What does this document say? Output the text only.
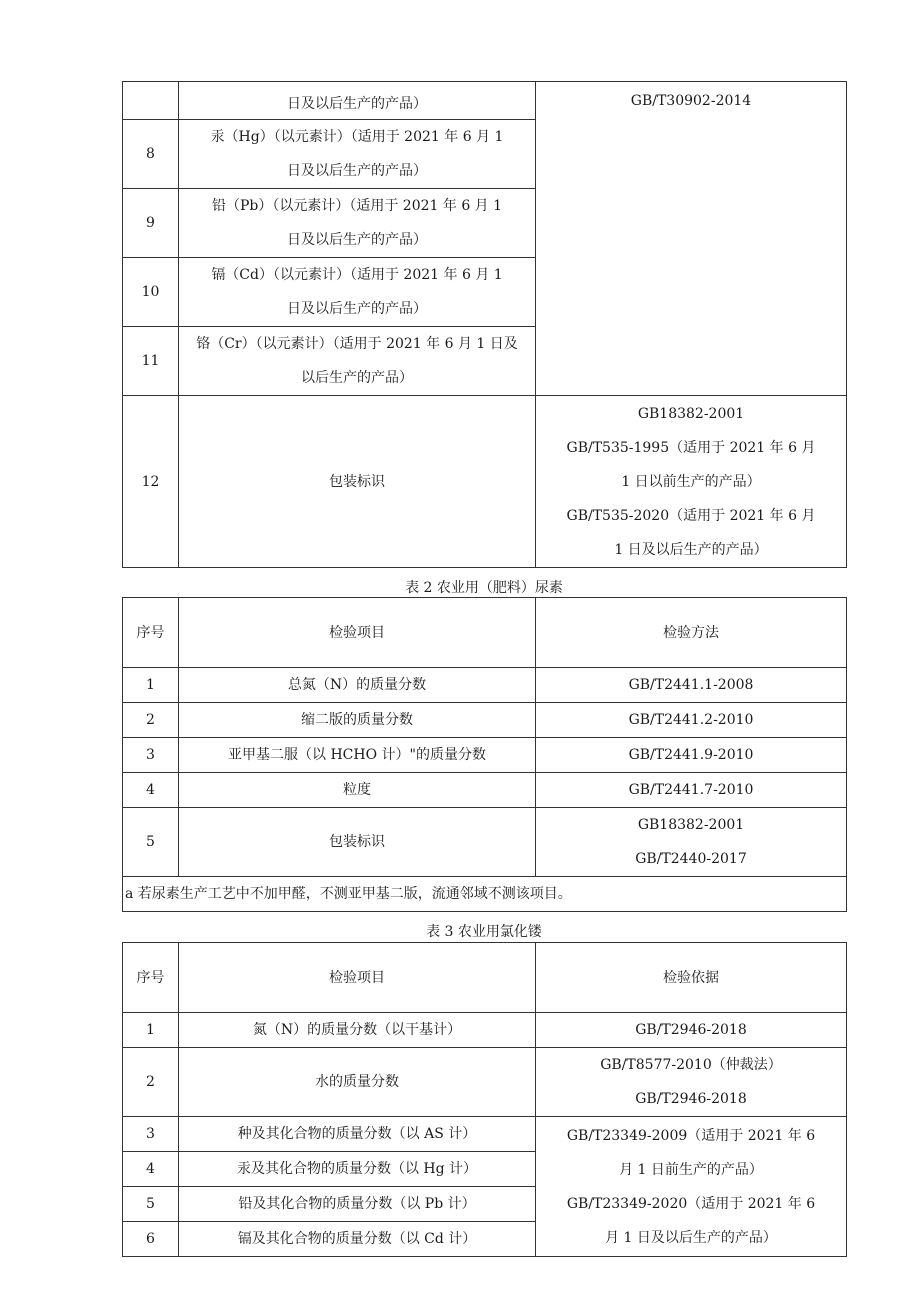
	日及以后生产的产品）	GB/T30902-2014
8	汞（Hg）（以元素计）（适用于 2021 年 6 月 1
日及以后生产的产品）	

9	铅（Pb）（以元素计）（适用于 2021 年 6 月 1
日及以后生产的产品）	

10	镉（Cd）（以元素计）（适用于 2021 年 6 月 1
日及以后生产的产品）	

11	铬（Cr）（以元素计）（适用于 2021 年 6 月 1 日及
以后生产的产品）	

12	包装标识	GB18382-2001
GB/T535-1995（适用于 2021 年 6 月
1 日以前生产的产品）
GB/T535-2020（适用于 2021 年 6 月
1 日及以后生产的产品）
表 2 农业用（肥料）尿素
序号	检验项目	检验方法
1	总氮（N）的质量分数	GB/T2441.1-2008
2	缩二版的质量分数	GB/T2441.2-2010
3	亚甲基二服（以 HCHO 计）"的质量分数	GB/T2441.9-2010
4	粒度	GB/T2441.7-2010
5	包装标识	GB18382-2001
GB/T2440-2017

a 若尿素生产工艺中不加甲醛，不测亚甲基二版，流通邻域不测该项目。		
表 3 农业用氯化镂
序号	检验项目	检验依据
1	氮（N）的质量分数（以干基计）	GB/T2946-2018
2	水的质量分数	GB/T8577-2010（仲裁法）
GB/T2946-2018

3	种及其化合物的质量分数（以 AS 计）	GB/T23349-2009（适用于 2021 年 6
月 1 日前生产的产品）
GB/T23349-2020（适用于 2021 年 6
月 1 日及以后生产的产品）

4	汞及其化合物的质量分数（以 Hg 计）	
5	铅及其化合物的质量分数（以 Pb 计）	
6	镉及其化合物的质量分数（以 Cd 计）	
